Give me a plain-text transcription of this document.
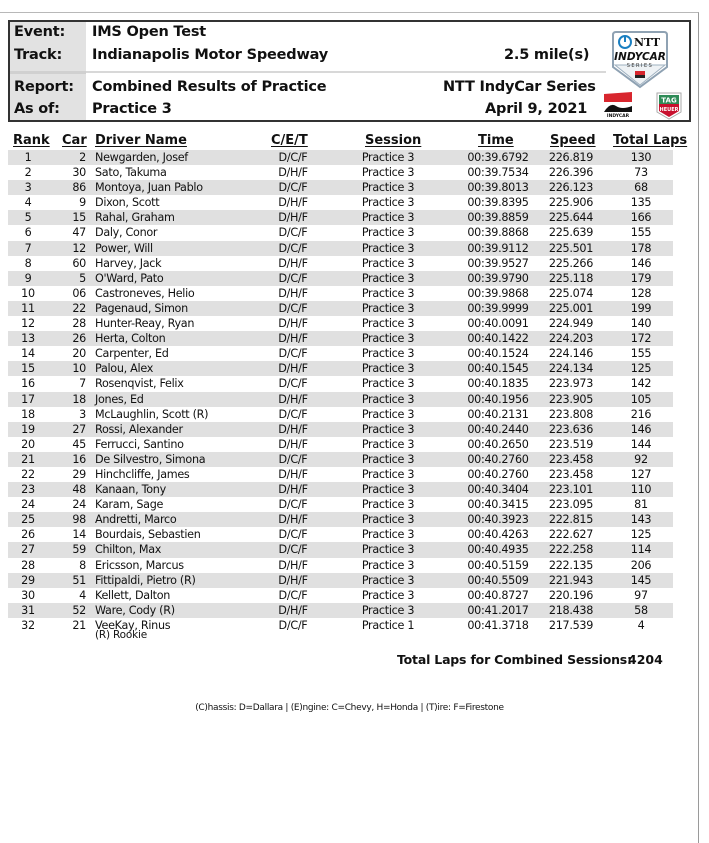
Event: IMS Open Test
Track: Indianapolis Motor Speedway	2.5 mile(s)
Report: Combined Results of Practice	NTT IndyCar Series
As of: Practice 3	April 9, 2021
NTT
INDYCAR
SERIES
INDYCAR
TAG
HEUER
Rank Car Driver Name	C/E/T	Session	Time	Speed Total Laps
1	2 Newgarden, Josef	D/C/F	Practice 3	00:39.6792	226.819	130
2	30 Sato, Takuma	D/H/F	Practice 3	00:39.7534	226.396	73
3	86 Montoya, Juan Pablo	D/C/F	Practice 3	00:39.8013	226.123	68
4	9 Dixon, Scott	D/H/F	Practice 3	00:39.8395	225.906	135
5	15 Rahal, Graham	D/H/F	Practice 3	00:39.8859	225.644	166
6	47 Daly, Conor	D/C/F	Practice 3	00:39.8868	225.639	155
7	12 Power, Will	D/C/F	Practice 3	00:39.9112	225.501	178
8	60 Harvey, Jack	D/H/F	Practice 3	00:39.9527	225.266	146
9	5 O'Ward, Pato	D/C/F	Practice 3	00:39.9790	225.118	179
10	06 Castroneves, Helio	D/H/F	Practice 3	00:39.9868	225.074	128
11	22 Pagenaud, Simon	D/C/F	Practice 3	00:39.9999	225.001	199
12	28 Hunter-Reay, Ryan	D/H/F	Practice 3	00:40.0091	224.949	140
13	26 Herta, Colton	D/H/F	Practice 3	00:40.1422	224.203	172
14	20 Carpenter, Ed	D/C/F	Practice 3	00:40.1524	224.146	155
15	10 Palou, Alex	D/H/F	Practice 3	00:40.1545	224.134	125
16	7 Rosenqvist, Felix	D/C/F	Practice 3	00:40.1835	223.973	142
17	18 Jones, Ed	D/H/F	Practice 3	00:40.1956	223.905	105
18	3 McLaughlin, Scott (R)	D/C/F	Practice 3	00:40.2131	223.808	216
19	27 Rossi, Alexander	D/H/F	Practice 3	00:40.2440	223.636	146
20	45 Ferrucci, Santino	D/H/F	Practice 3	00:40.2650	223.519	144
21	16 De Silvestro, Simona	D/C/F	Practice 3	00:40.2760	223.458	92
22	29 Hinchcliffe, James	D/H/F	Practice 3	00:40.2760	223.458	127
23	48 Kanaan, Tony	D/H/F	Practice 3	00:40.3404	223.101	110
24	24 Karam, Sage	D/C/F	Practice 3	00:40.3415	223.095	81
25	98 Andretti, Marco	D/H/F	Practice 3	00:40.3923	222.815	143
26	14 Bourdais, Sebastien	D/C/F	Practice 3	00:40.4263	222.627	125
27	59 Chilton, Max	D/C/F	Practice 3	00:40.4935	222.258	114
28	8 Ericsson, Marcus	D/H/F	Practice 3	00:40.5159	222.135	206
29	51 Fittipaldi, Pietro (R)	D/H/F	Practice 3	00:40.5509	221.943	145
30	4 Kellett, Dalton	D/C/F	Practice 3	00:40.8727	220.196	97
31	52 Ware, Cody (R)	D/H/F	Practice 3	00:41.2017	218.438	58
32	21 VeeKay, Rinus	D/C/F	Practice 1	00:41.3718	217.539	4
(R) Rookie
Total Laps for Combined Sessions:
4204
(C)hassis: D=Dallara | (E)ngine: C=Chevy, H=Honda | (T)ire: F=Firestone
